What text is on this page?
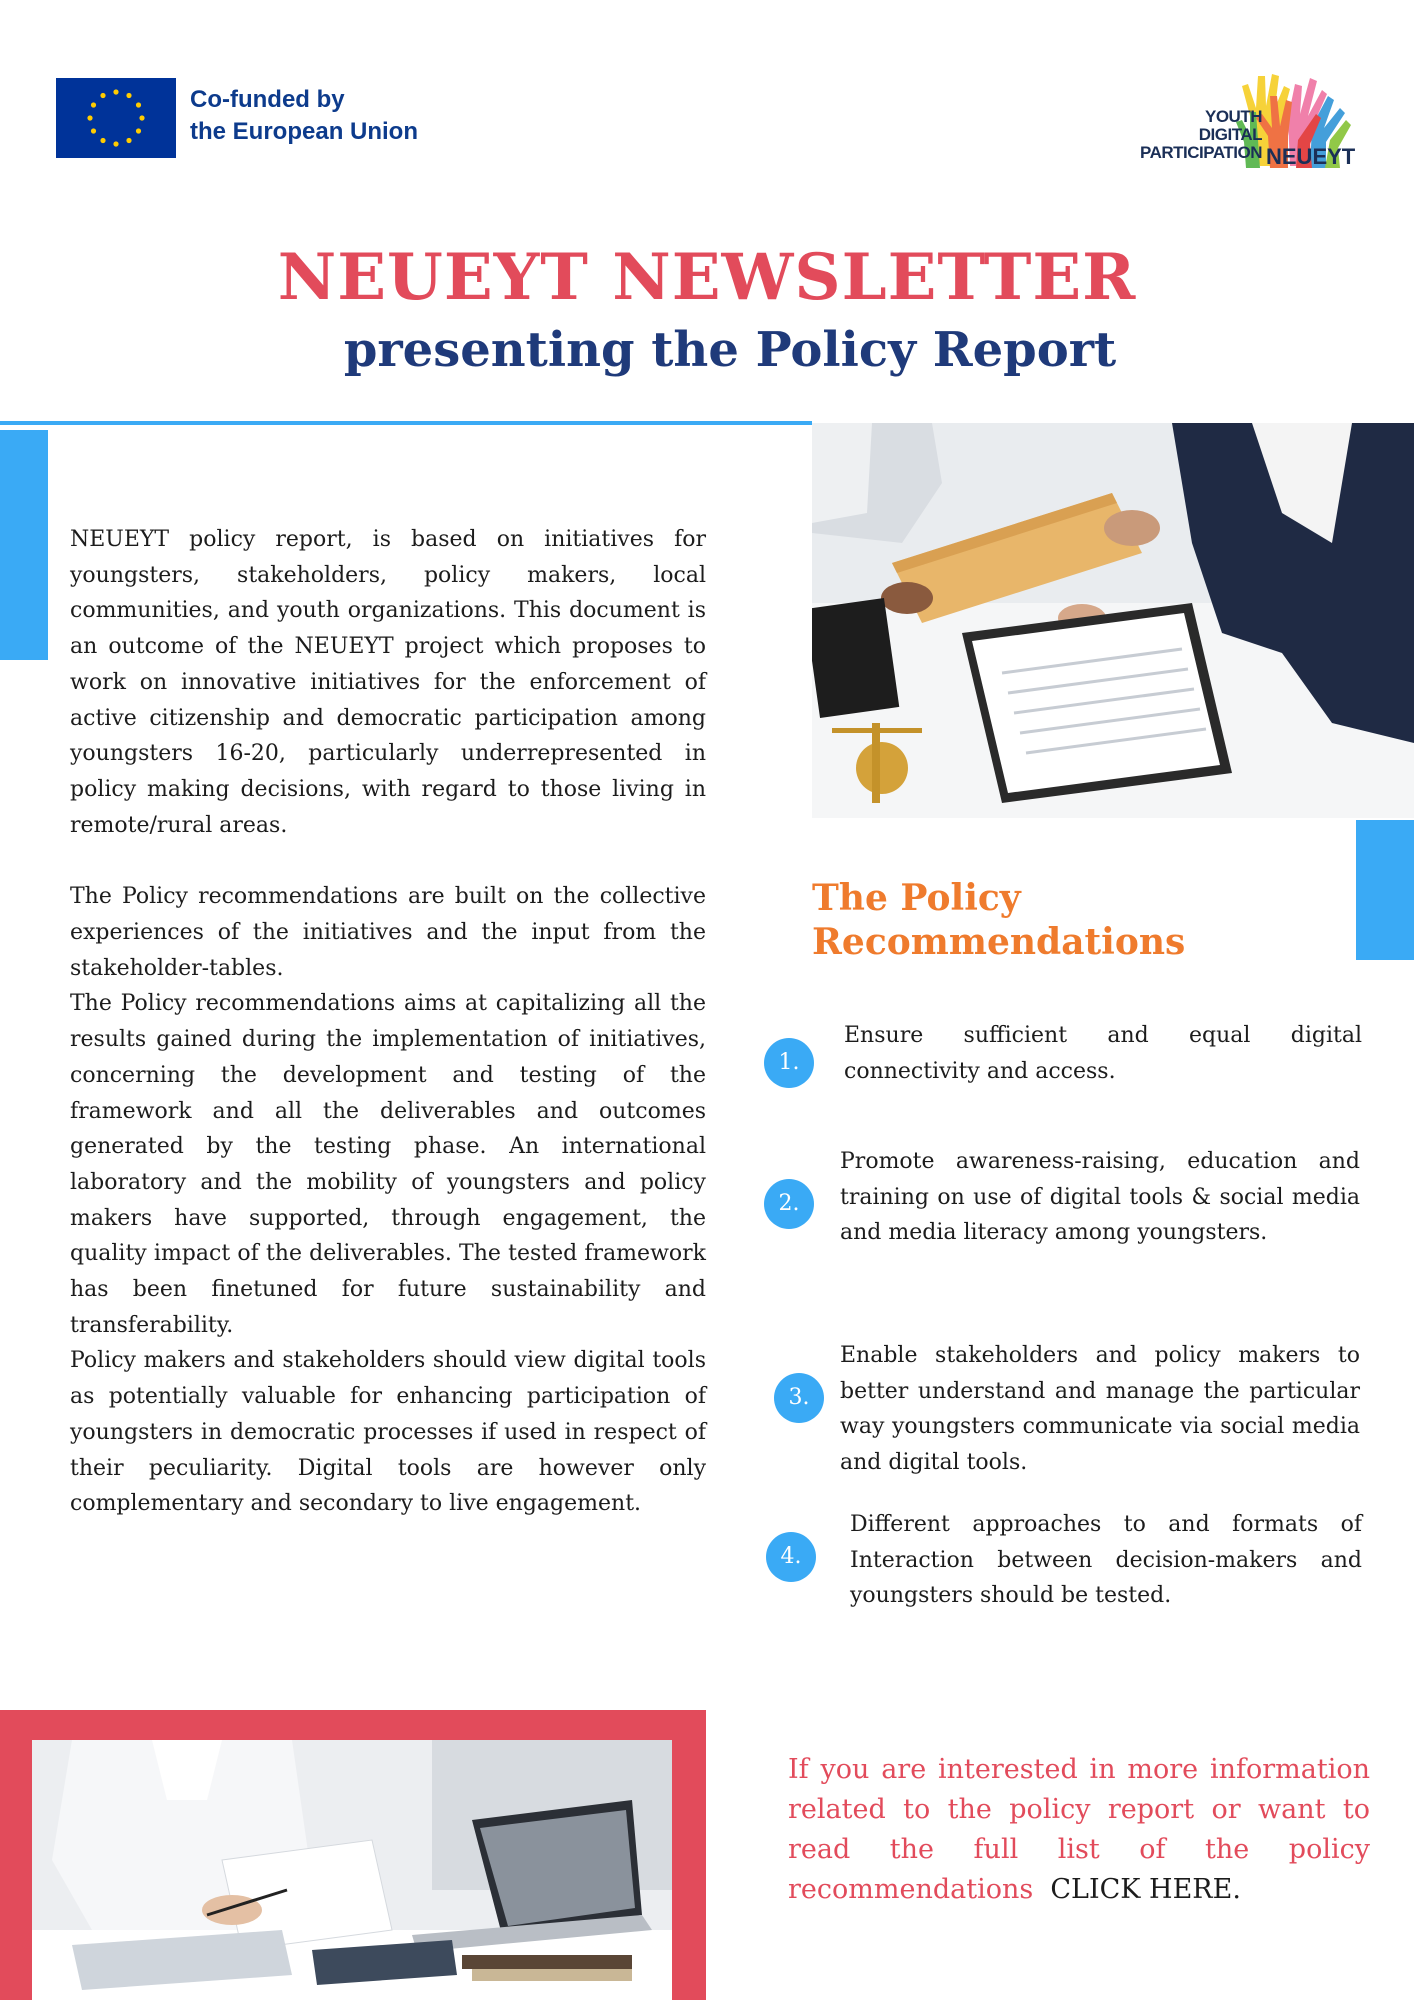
Co-funded by
the European Union
YOUTH
DIGITAL
PARTICIPATION NEUEYT
NEUEYT NEWSLETTER
presenting the Policy Report

NEUEYT policy report, is based on initiatives for youngsters, stakeholders, policy makers, local communities, and youth organizations. This document is an outcome of the NEUEYT project which proposes to work on innovative initiatives for the enforcement of active citizenship and democratic participation among youngsters 16-20, particularly underrepresented in policy making decisions, with regard to those living in remote/rural areas.

The Policy recommendations are built on the collective experiences of the initiatives and the input from the stakeholder-tables.

The Policy recommendations aims at capitalizing all the results gained during the implementation of initiatives, concerning the development and testing of the framework and all the deliverables and outcomes generated by the testing phase. An international laboratory and the mobility of youngsters and policy makers have supported, through engagement, the quality impact of the deliverables. The tested framework has been finetuned for future sustainability and transferability.

Policy makers and stakeholders should view digital tools as potentially valuable for enhancing participation of youngsters in democratic processes if used in respect of their peculiarity. Digital tools are however only complementary and secondary to live engagement.

The Policy Recommendations
1.
Ensure sufficient and equal digital connectivity and access.
2.
Promote awareness-raising, education and training on use of digital tools & social media and media literacy among youngsters.
3.
Enable stakeholders and policy makers to better understand and manage the particular way youngsters communicate via social media and digital tools.
4.
Different approaches to and formats of Interaction between decision-makers and youngsters should be tested.
If you are interested in more information related to the policy report or want to read the full list of the policy recommendations CLICK HERE.
